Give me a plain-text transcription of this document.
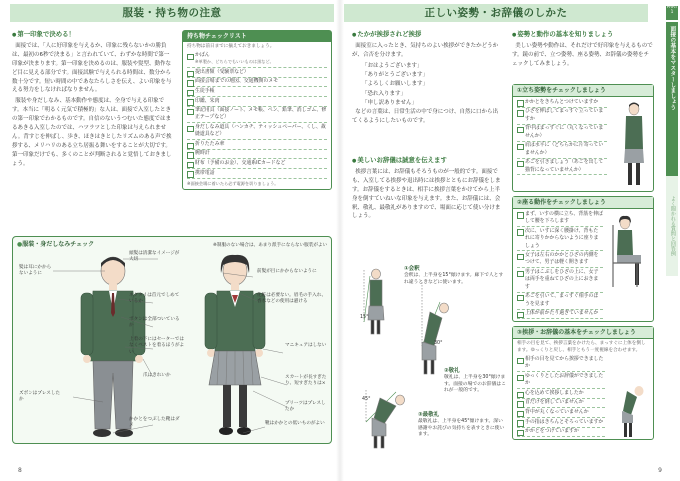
服装・持ち物の注意
● 第一印象で決める！

面接では、「人に好印象を与えるか、印象に残らないかの勝負は、最初の6秒で決まる」と言われていて、わずかな時間で第一印象が決まります。第一印象を決めるのは、服装や髪型、動作など目に見える部分です。面接試験で与えられる時間は、数分から数十分です。短い時間の中であなたらしさを伝え、よい印象を与える努力をしなければなりません。

服装や身だしなみ、基本動作や態度は、全身で与える印象です。本当に「明るく元気で積極的」な人は、面接で入室したときの第一印象でわかるものです。自信のないうつむいた態度ではまるあきる入室したのでは、ハツラツとした印象は与えられません。背すじを伸ばし、歩き、ほきはきとしたリズムのある声で挨拶する、メリハリのある立ち居振る舞いをすることが大切です。第一印象だけでも、多くのことが判断されると覚悟しておきましょう。

持ち物チェックリスト
持ち物は前日までに揃えておきましょう。
かばん
※革製か、どちらでもいいものは黒など。
提出書類（受験票など）
面接会場までの地図、交通機関のメモ
生徒手帳
印鑑、朱肉
筆記用具（面接ノート、メモ帳、ペン、鉛筆、消しゴム、修正テープなど）
身だしなみ道具（ハンカチ、ティッシュペーパー、くし、裁縫道具など）
折りたたみ傘
腕時計
財布（予備のお金）、交通系ICカードなど
携帯電話
※面接会場に着いたら必ず電源を切りましょう。
●服装・身だしなみチェック
髪は耳にかからないように
頭髪は清潔なイメージが大切
ネクタイは首元でしめているか
ボタンは全部ついているか
上着の下にはセーターではなくベストを着るほうがよい
爪はきれいか
ズボンはプレスしたか
かかとをつぶした靴はダメ
※制服のない場合は、あまり派手にならない服装がよい
前髪が目にかからないように
化粧は必要ない。眉毛の手入れ、香水などの使用は避ける
マニキュアはしない
スカートが長すぎたり、短すぎたりは×
プリーツはプレスしたか
靴はかかとの低いものがよい
8
正しい姿勢・お辞儀のしかた	PART 1
面接の基本をマスターしましょう
よく聞かれる質問と回答例
● たかが挨拶されど挨拶

面接室に入ったとき、気持ちのよい挨拶ができたかどうかが、合否を分けます。

「おはようございます」
「ありがとうございます」
「よろしくお願いします」
「恐れ入ります」
「申し訳ありません」

などの言葉は、日常生活の中で身につけ、自然に口から出てくるようにしたいものです。

● 美しいお辞儀は誠意を伝えます

挨拶言葉には、お辞儀もそろうものが一般的です。面接でも、入室してる挨拶や退出時には挨拶とともにお辞儀をします。お辞儀をするときは、相手に挨拶言葉をかけてから上半身を倒すていねいな印象を与えます。また、お辞儀には、会釈、敬礼、最敬礼がありますので、場面に応じて使い分けましょう。

15°
30°
45°
①会釈
会釈は、上半身を15°傾けます。廊下で人とすれ違うときなどに使います。
②敬礼
敬礼は、上半身を30°傾けます。面接の場でのお辞儀はこれが一般的です。
③最敬礼
最敬礼は、上半身を45°傾けます。深い感謝やお詫びの気持ちを表すときに使います。
● 姿勢と動作の基本を知りましょう

美しい姿勢や動作は、それだけで好印象を与えるものです。鏡の前で、立つ姿勢、座る姿勢、お辞儀の姿勢をチェックしてみましょう。

①立ち姿勢をチェックしましょう
かかとをきちんとつけていますか
ひざを伸ばしてまっすぐ立っていますか
背中はまっすぐに（丸くなっていませんか）
肩は水平に（どちらかに片寄っていませんか）
あごを引きましょう（あごを出して猫背になっていませんか）
②座る動作をチェックしましょう
まず、いすの横に立ち、背筋を伸ばして腰を下ろします
次に、いすに深く腰掛け、背もたれに寄りかからないように座りましょう
女子は左右のかかとひざの内側をつけて、男子は軽く開きます
男子はこぶしをひざの上に、女子は両手を重ねてひざの上におきます
あごを引いて、まっすぐ相手のほうを見ます
上体が前かたり過ぎていませんか
③挨拶・お辞儀の基本をチェックしましょう
相手の目を見て、挨拶言葉をかけたら、まっすぐに上体を倒します。ゆっくりと戻し、相手ともう一度視線を合わせます。
相手の目を見てから挨拶できましたか
ゆっくりとしたお辞儀ができましたか
心を込めて挨拶しましたか
首だけを倒していませんか
背中が丸くなっていませんか
手の指はきちんとそろっていますか
かかとをつけていますか
9
